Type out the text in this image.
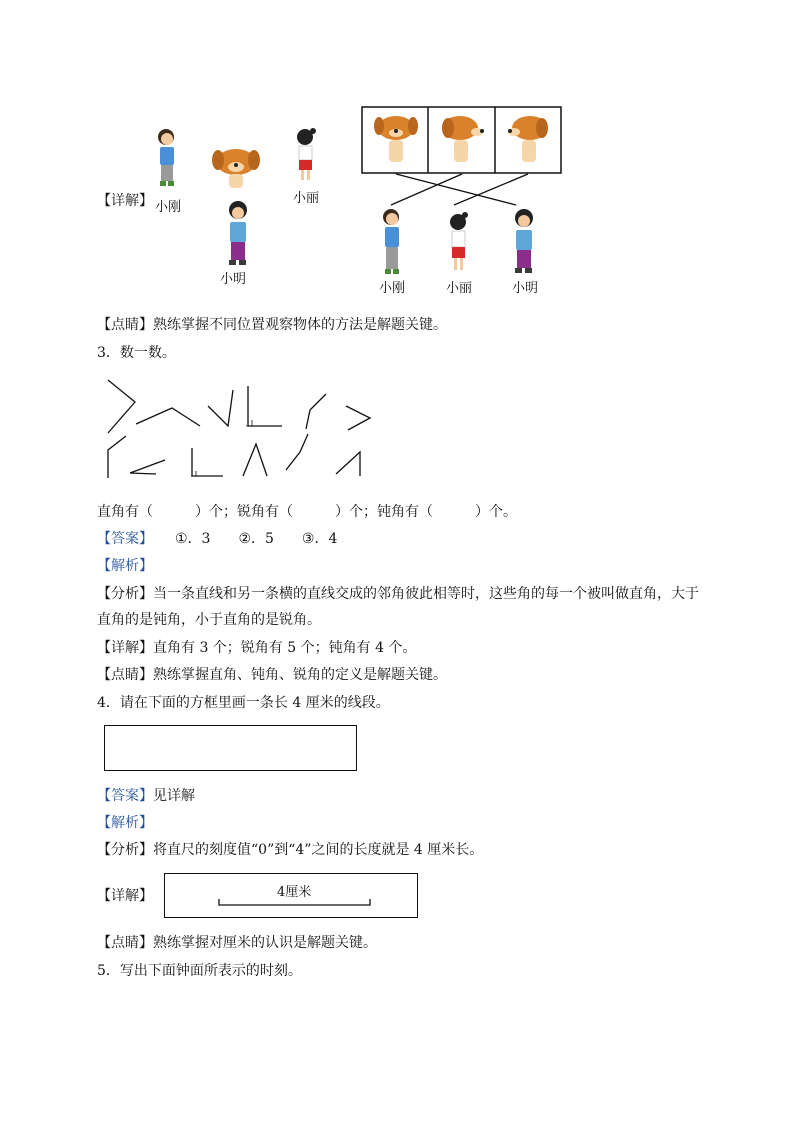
【详解】 小刚
小丽
小明
小刚	小丽	小明
【点睛】熟练掌握不同位置观察物体的方法是解题关键。
3．数一数。
直角有（　　　）个；锐角有（　　　）个；钝角有（　　　）个。
【答案】 ①．3　　②．5　　③．4
【解析】
【分析】当一条直线和另一条横的直线交成的邻角彼此相等时，这些角的每一个被叫做直角，大于
直角的是钝角，小于直角的是锐角。
【详解】直角有 3 个；锐角有 5 个；钝角有 4 个。
【点睛】熟练掌握直角、钝角、锐角的定义是解题关键。
4．请在下面的方框里画一条长 4 厘米的线段。
【答案】见详解
【解析】
【分析】将直尺的刻度值“0”到“4”之间的长度就是 4 厘米长。
【详解】	4厘米
【点睛】熟练掌握对厘米的认识是解题关键。
5．写出下面钟面所表示的时刻。
